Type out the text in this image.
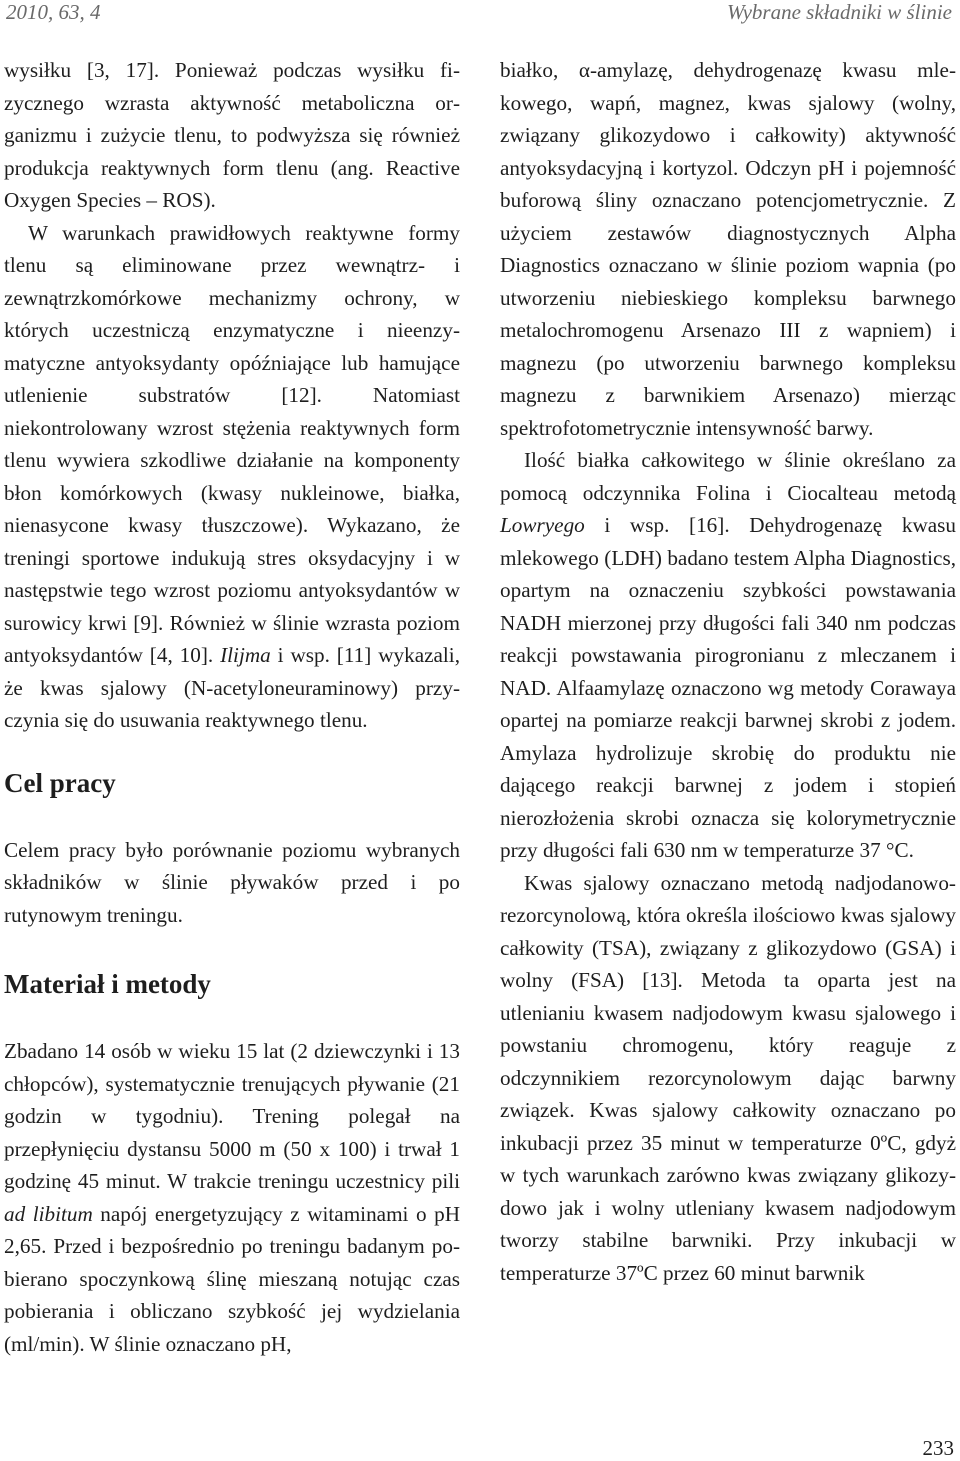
2010, 63, 4	Wybrane składniki w ślinie

wysiłku [3, 17]. Ponieważ podczas wysiłku fizycznego wzrasta aktywność metaboliczna organizmu i zużycie tlenu, to podwyższa się również produkcja reaktywnych form tlenu (ang. Reactive Oxygen Species – ROS).

W warunkach prawidłowych reaktywne formy tlenu są eliminowane przez wewnątrz- i zewnątrzkomórkowe mechanizmy ochrony, w których uczestniczą enzymatyczne i nieenzymatyczne antyoksydanty opóźniające lub hamujące utlenienie substratów [12]. Natomiast niekontrolowany wzrost stężenia reaktywnych form tlenu wywiera szkodliwe działanie na komponenty błon komórkowych (kwasy nukleinowe, białka, nienasycone kwasy tłuszczowe). Wykazano, że treningi sportowe indukują stres oksydacyjny i w następstwie tego wzrost poziomu antyoksydantów w surowicy krwi [9]. Również w ślinie wzrasta poziom antyoksydantów [4, 10]. Ilijma i wsp. [11] wykazali, że kwas sjalowy (N-acetyloneuraminowy) przyczynia się do usuwania reaktywnego tlenu.

Cel pracy

Celem pracy było porównanie poziomu wybranych składników w ślinie pływaków przed i po rutynowym treningu.

Materiał i metody

Zbadano 14 osób w wieku 15 lat (2 dziewczynki i 13 chłopców), systematycznie trenujących pływanie (21 godzin w tygodniu). Trening polegał na przepłynięciu dystansu 5000 m (50 x 100) i trwał 1 godzinę 45 minut. W trakcie treningu uczestnicy pili ad libitum napój energetyzujący z witaminami o pH 2,65. Przed i bezpośrednio po treningu badanym pobierano spoczynkową ślinę mieszaną notując czas pobierania i obliczano szybkość jej wydzielania (ml/min). W ślinie oznaczano pH,

białko, α-amylazę, dehydrogenazę kwasu mlekowego, wapń, magnez, kwas sjalowy (wolny, związany glikozydowo i całkowity) aktywność antyoksydacyjną i kortyzol. Odczyn pH i pojemność buforową śliny oznaczano potencjometrycznie. Z użyciem zestawów diagnostycznych Alpha Diagnostics oznaczano w ślinie poziom wapnia (po utworzeniu niebieskiego kompleksu barwnego metalochromogenu Arsenazo III z wapniem) i magnezu (po utworzeniu barwnego kompleksu magnezu z barwnikiem Arsenazo) mierząc spektrofotometrycznie intensywność barwy.

Ilość białka całkowitego w ślinie określano za pomocą odczynnika Folina i Ciocalteau metodą Lowryego i wsp. [16]. Dehydrogenazę kwasu mlekowego (LDH) badano testem Alpha Diagnostics, opartym na oznaczeniu szybkości powstawania NADH mierzonej przy długości fali 340 nm podczas reakcji powstawania pirogronianu z mleczanem i NAD. Alfaamylazę oznaczono wg metody Corawaya opartej na pomiarze reakcji barwnej skrobi z jodem. Amylaza hydrolizuje skrobię do produktu nie dającego reakcji barwnej z jodem i stopień nierozłożenia skrobi oznacza się kolorymetrycznie przy długości fali 630 nm w temperaturze 37 °C.

Kwas sjalowy oznaczano metodą nadjodanowo-rezorcynolową, która określa ilościowo kwas sjalowy całkowity (TSA), związany z glikozydowo (GSA) i wolny (FSA) [13]. Metoda ta oparta jest na utlenianiu kwasem nadjodowym kwasu sjalowego i powstaniu chromogenu, który reaguje z odczynnikiem rezorcynolowym dając barwny związek. Kwas sjalowy całkowity oznaczano po inkubacji przez 35 minut w temperaturze 0ºC, gdyż w tych warunkach zarówno kwas związany glikozydowo jak i wolny utleniany kwasem nadjodowym tworzy stabilne barwniki. Przy inkubacji w temperaturze 37ºC przez 60 minut barwnik

233
